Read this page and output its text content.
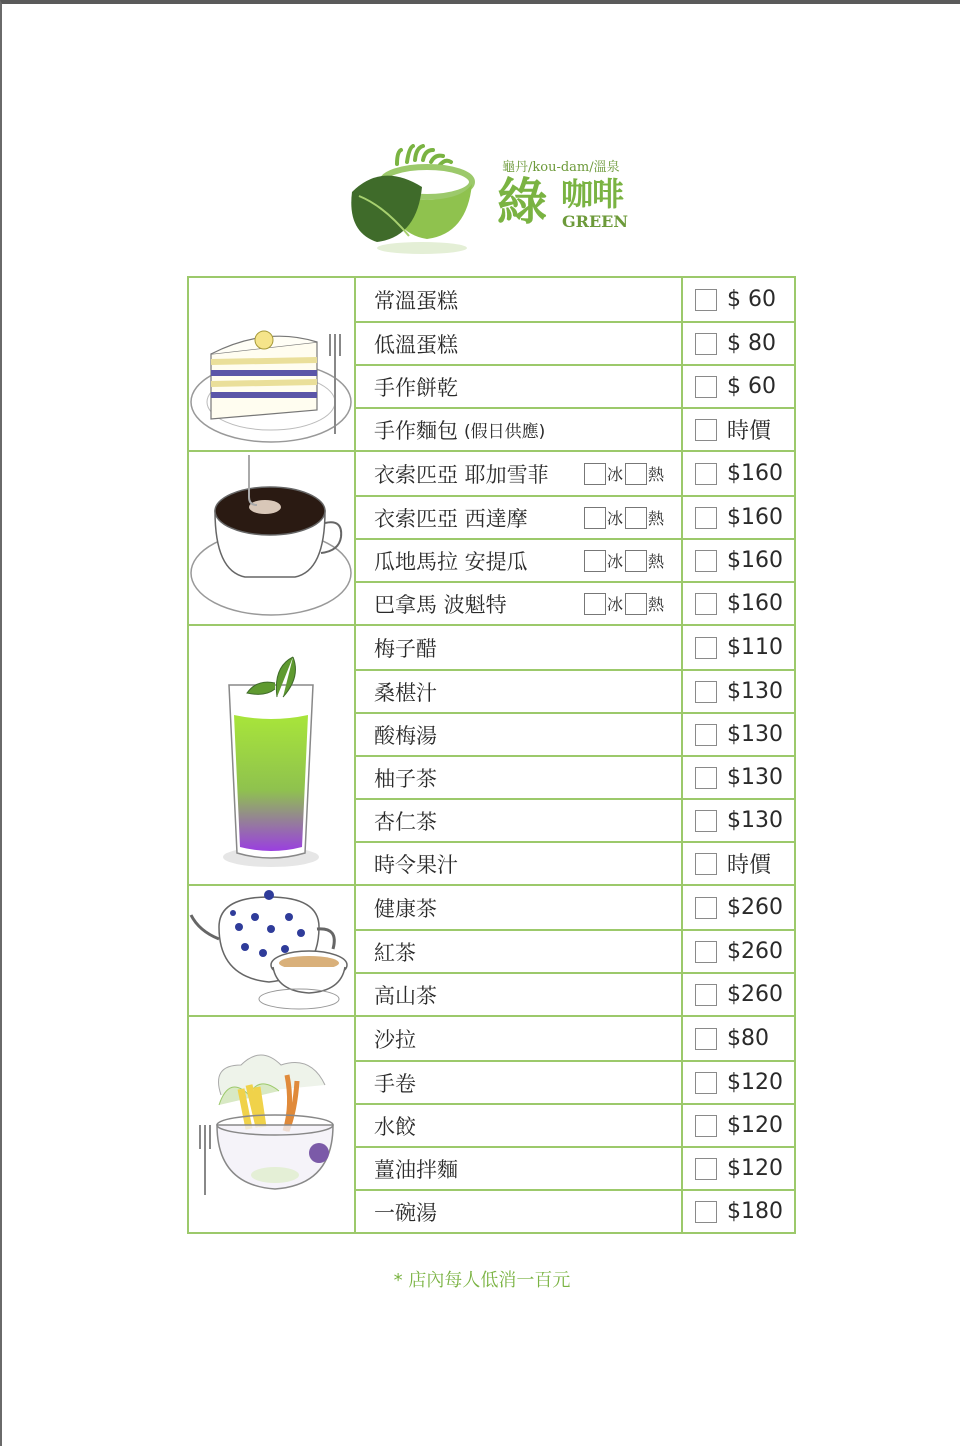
龜丹/kou-dam/溫泉
綠 咖啡
GREEN
常溫蛋糕	$ 60
低溫蛋糕	$ 80
手作餅乾	$ 60
手作麵包 (假日供應)	時價
衣索匹亞 耶加雪菲	冰 熱	$160
衣索匹亞 西達摩	冰 熱	$160
瓜地馬拉 安提瓜	冰 熱	$160
巴拿馬 波魁特	冰 熱	$160
梅子醋	$110
桑椹汁	$130
酸梅湯	$130
柚子茶	$130
杏仁茶	$130
時令果汁	時價
健康茶	$260
紅茶	$260
高山茶	$260
沙拉	$80
手卷	$120
水餃	$120
薑油拌麵	$120
一碗湯	$180
* 店內每人低消一百元
